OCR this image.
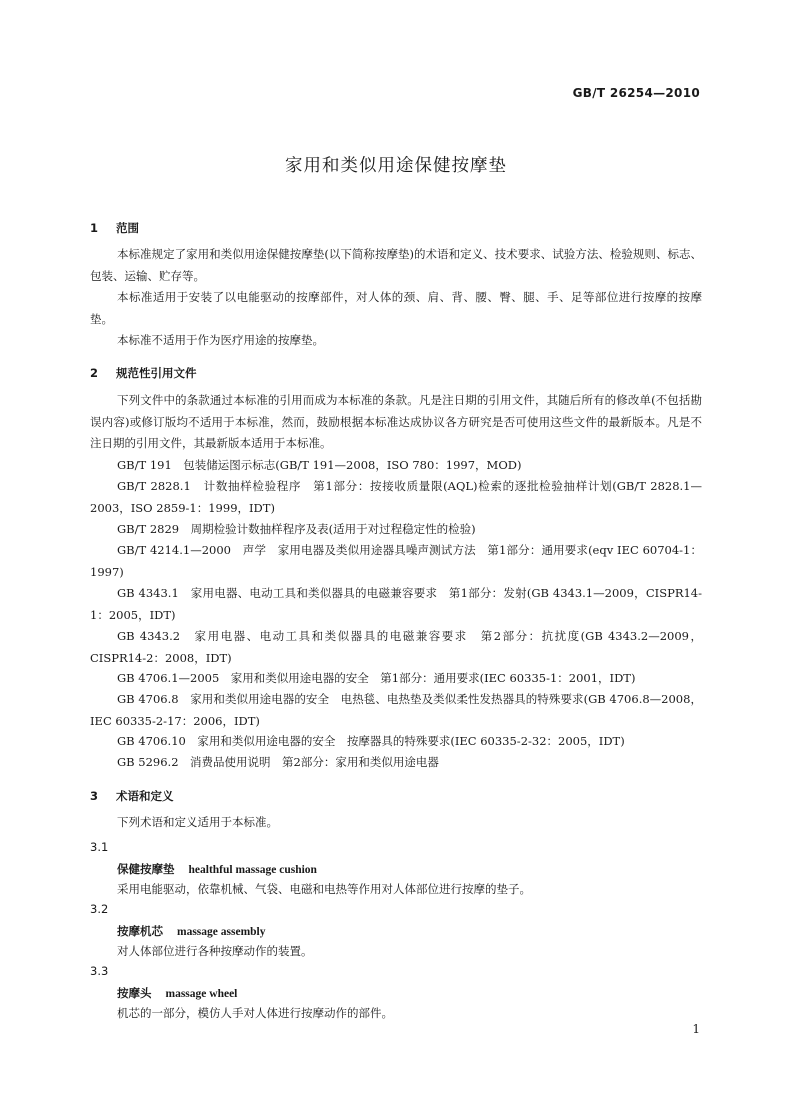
GB/T 26254—2010
家用和类似用途保健按摩垫
1 范围
本标准规定了家用和类似用途保健按摩垫(以下简称按摩垫)的术语和定义、技术要求、试验方法、检验规则、标志、包装、运输、贮存等。
本标准适用于安装了以电能驱动的按摩部件，对人体的颈、肩、背、腰、臀、腿、手、足等部位进行按摩的按摩垫。
本标准不适用于作为医疗用途的按摩垫。
2 规范性引用文件
下列文件中的条款通过本标准的引用而成为本标准的条款。凡是注日期的引用文件，其随后所有的修改单(不包括勘误内容)或修订版均不适用于本标准，然而，鼓励根据本标准达成协议各方研究是否可使用这些文件的最新版本。凡是不注日期的引用文件，其最新版本适用于本标准。
GB/T 191　包装储运图示标志(GB/T 191—2008，ISO 780：1997，MOD)
GB/T 2828.1　计数抽样检验程序　第1部分：按接收质量限(AQL)检索的逐批检验抽样计划(GB/T 2828.1—2003，ISO 2859-1：1999，IDT)
GB/T 2829　周期检验计数抽样程序及表(适用于对过程稳定性的检验)
GB/T 4214.1—2000　声学　家用电器及类似用途器具噪声测试方法　第1部分：通用要求(eqv IEC 60704-1：1997)
GB 4343.1　家用电器、电动工具和类似器具的电磁兼容要求　第1部分：发射(GB 4343.1—2009，CISPR14-1：2005，IDT)
GB 4343.2　家用电器、电动工具和类似器具的电磁兼容要求　第2部分：抗扰度(GB 4343.2—2009，CISPR14-2：2008，IDT)
GB 4706.1—2005　家用和类似用途电器的安全　第1部分：通用要求(IEC 60335-1：2001，IDT)
GB 4706.8　家用和类似用途电器的安全　电热毯、电热垫及类似柔性发热器具的特殊要求(GB 4706.8—2008，IEC 60335-2-17：2006，IDT)
GB 4706.10　家用和类似用途电器的安全　按摩器具的特殊要求(IEC 60335-2-32：2005，IDT)
GB 5296.2　消费品使用说明　第2部分：家用和类似用途电器
3 术语和定义
下列术语和定义适用于本标准。
3.1
保健按摩垫 healthful massage cushion
采用电能驱动，依靠机械、气袋、电磁和电热等作用对人体部位进行按摩的垫子。
3.2
按摩机芯 massage assembly
对人体部位进行各种按摩动作的装置。
3.3
按摩头 massage wheel
机芯的一部分，模仿人手对人体进行按摩动作的部件。
1
